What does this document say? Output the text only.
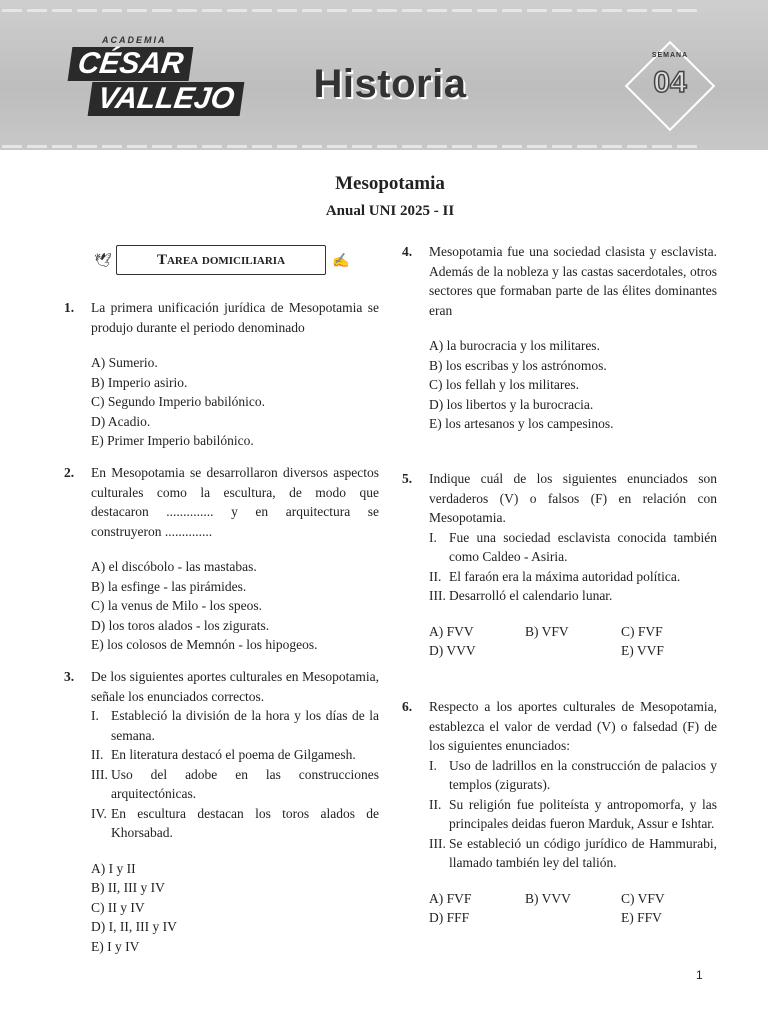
ACADEMIA
CÉSAR
VALLEJO	Historia
SEMANA
04
Mesopotamia
Anual UNI 2025 - II
🕊	Tarea domiciliaria	✍
1. La primera unificación jurídica de Mesopotamia se produjo durante el periodo denominado

A) Sumerio.

B) Imperio asirio.

C) Segundo Imperio babilónico.

D) Acadio.

E) Primer Imperio babilónico.

2. En Mesopotamia se desarrollaron diversos aspectos culturales como la escultura, de modo que destacaron .............. y en arquitectura se construyeron ..............

A) el discóbolo - las mastabas.

B) la esfinge - las pirámides.

C) la venus de Milo - los speos.

D) los toros alados - los zigurats.

E) los colosos de Memnón - los hipogeos.

3. De los siguientes aportes culturales en Mesopotamia, señale los enunciados correctos.

I. Estableció la división de la hora y los días de la semana.
II. En literatura destacó el poema de Gilgamesh.
III. Uso del adobe en las construcciones arquitectónicas.
IV. En escultura destacan los toros alados de Khorsabad.

A) I y II

B) II, III y IV

C) II y IV

D) I, II, III y IV

E) I y IV

4. Mesopotamia fue una sociedad clasista y esclavista. Además de la nobleza y las castas sacerdotales, otros sectores que formaban parte de las élites dominantes eran

A) la burocracia y los militares.

B) los escribas y los astrónomos.

C) los fellah y los militares.

D) los libertos y la burocracia.

E) los artesanos y los campesinos.

5. Indique cuál de los siguientes enunciados son verdaderos (V) o falsos (F) en relación con Mesopotamia.

I. Fue una sociedad esclavista conocida también como Caldeo - Asiria.
II. El faraón era la máxima autoridad política.
III. Desarrolló el calendario lunar.

A) FVV	B) VFV	C) FVF

D) VVV	E) VVF

6. Respecto a los aportes culturales de Mesopotamia, establezca el valor de verdad (V) o falsedad (F) de los siguientes enunciados:

I. Uso de ladrillos en la construcción de palacios y templos (zigurats).
II. Su religión fue politeísta y antropomorfa, y las principales deidas fueron Marduk, Assur e Ishtar.
III. Se estableció un código jurídico de Hammurabi, llamado también ley del talión.

A) FVF	B) VVV	C) VFV

D) FFF	E) FFV

1
